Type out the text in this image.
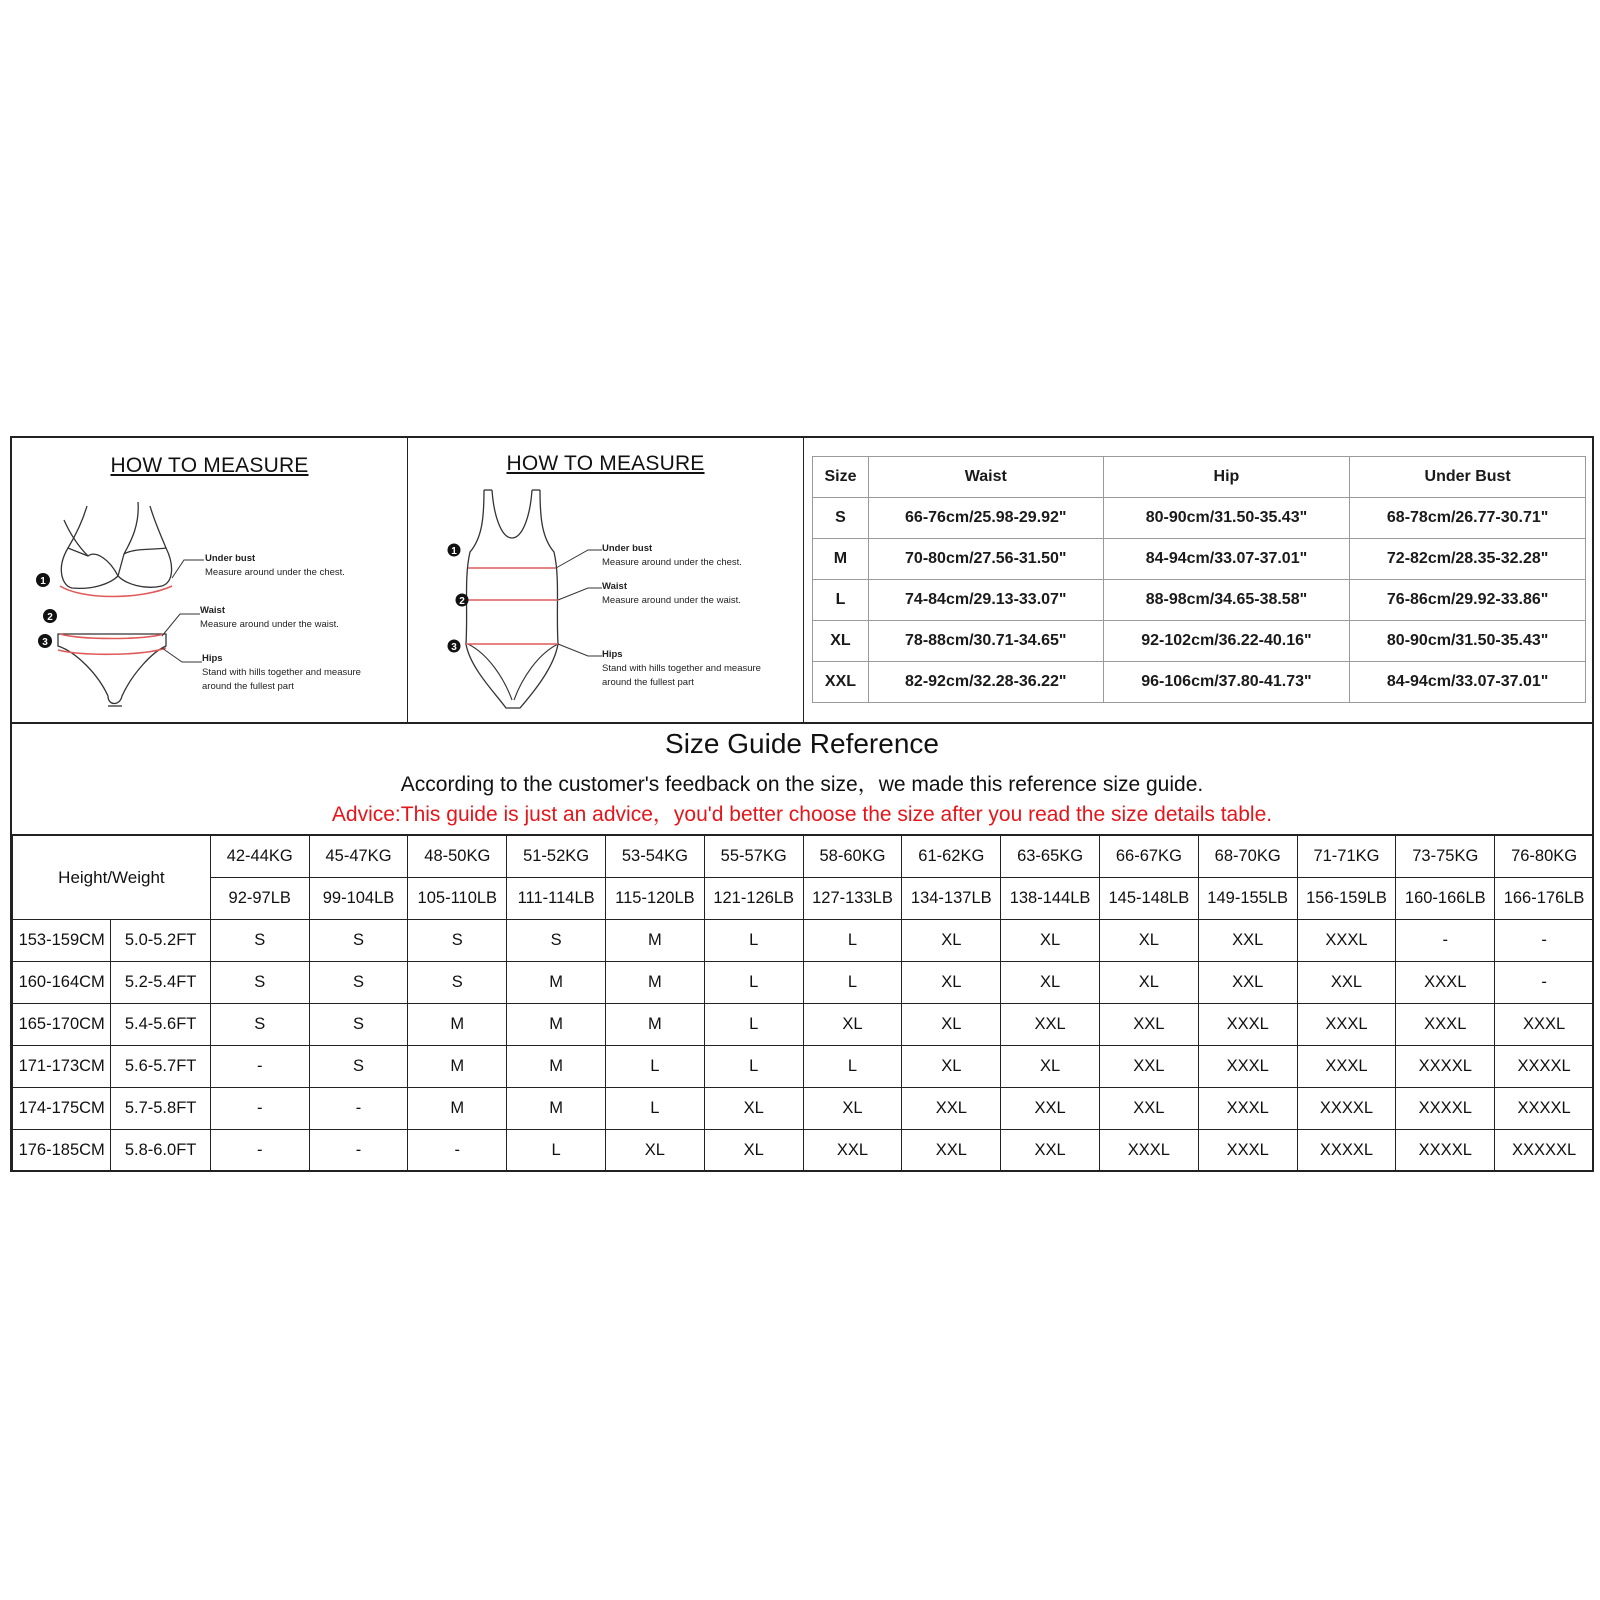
HOW TO MEASURE
1
2
3
Under bust
Measure around under the chest.
Waist
Measure around under the waist.
Hips
Stand with hills together and measure
around the fullest part
HOW TO MEASURE
1
2
3
Under bust
Measure around under the chest.
Waist
Measure around under the waist.
Hips
Stand with hills together and measure
around the fullest part
Size	Waist	Hip	Under Bust
S	66-76cm/25.98-29.92"	80-90cm/31.50-35.43"	68-78cm/26.77-30.71"
M	70-80cm/27.56-31.50"	84-94cm/33.07-37.01"	72-82cm/28.35-32.28"
L	74-84cm/29.13-33.07"	88-98cm/34.65-38.58"	76-86cm/29.92-33.86"
XL	78-88cm/30.71-34.65"	92-102cm/36.22-40.16"	80-90cm/31.50-35.43"
XXL	82-92cm/32.28-36.22"	96-106cm/37.80-41.73"	84-94cm/33.07-37.01"
Size Guide Reference
According to the customer's feedback on the size，we made this reference size guide.
Advice:This guide is just an advice，you'd better choose the size after you read the size details table.
Height/Weight		42-44KG	45-47KG	48-50KG	51-52KG	53-54KG	55-57KG	58-60KG	61-62KG	63-65KG	66-67KG	68-70KG	71-71KG	73-75KG	76-80KG
		92-97LB	99-104LB	105-110LB	111-114LB	115-120LB	121-126LB	127-133LB	134-137LB	138-144LB	145-148LB	149-155LB	156-159LB	160-166LB	166-176LB
153-159CM	5.0-5.2FT	S	S	S	S	M	L	L	XL	XL	XL	XXL	XXXL	-	-
160-164CM	5.2-5.4FT	S	S	S	M	M	L	L	XL	XL	XL	XXL	XXL	XXXL	-
165-170CM	5.4-5.6FT	S	S	M	M	M	L	XL	XL	XXL	XXL	XXXL	XXXL	XXXL	XXXL
171-173CM	5.6-5.7FT	-	S	M	M	L	L	L	XL	XL	XXL	XXXL	XXXL	XXXXL	XXXXL
174-175CM	5.7-5.8FT	-	-	M	M	L	XL	XL	XXL	XXL	XXL	XXXL	XXXXL	XXXXL	XXXXL
176-185CM	5.8-6.0FT	-	-	-	L	XL	XL	XXL	XXL	XXL	XXXL	XXXL	XXXXL	XXXXL	XXXXXL
